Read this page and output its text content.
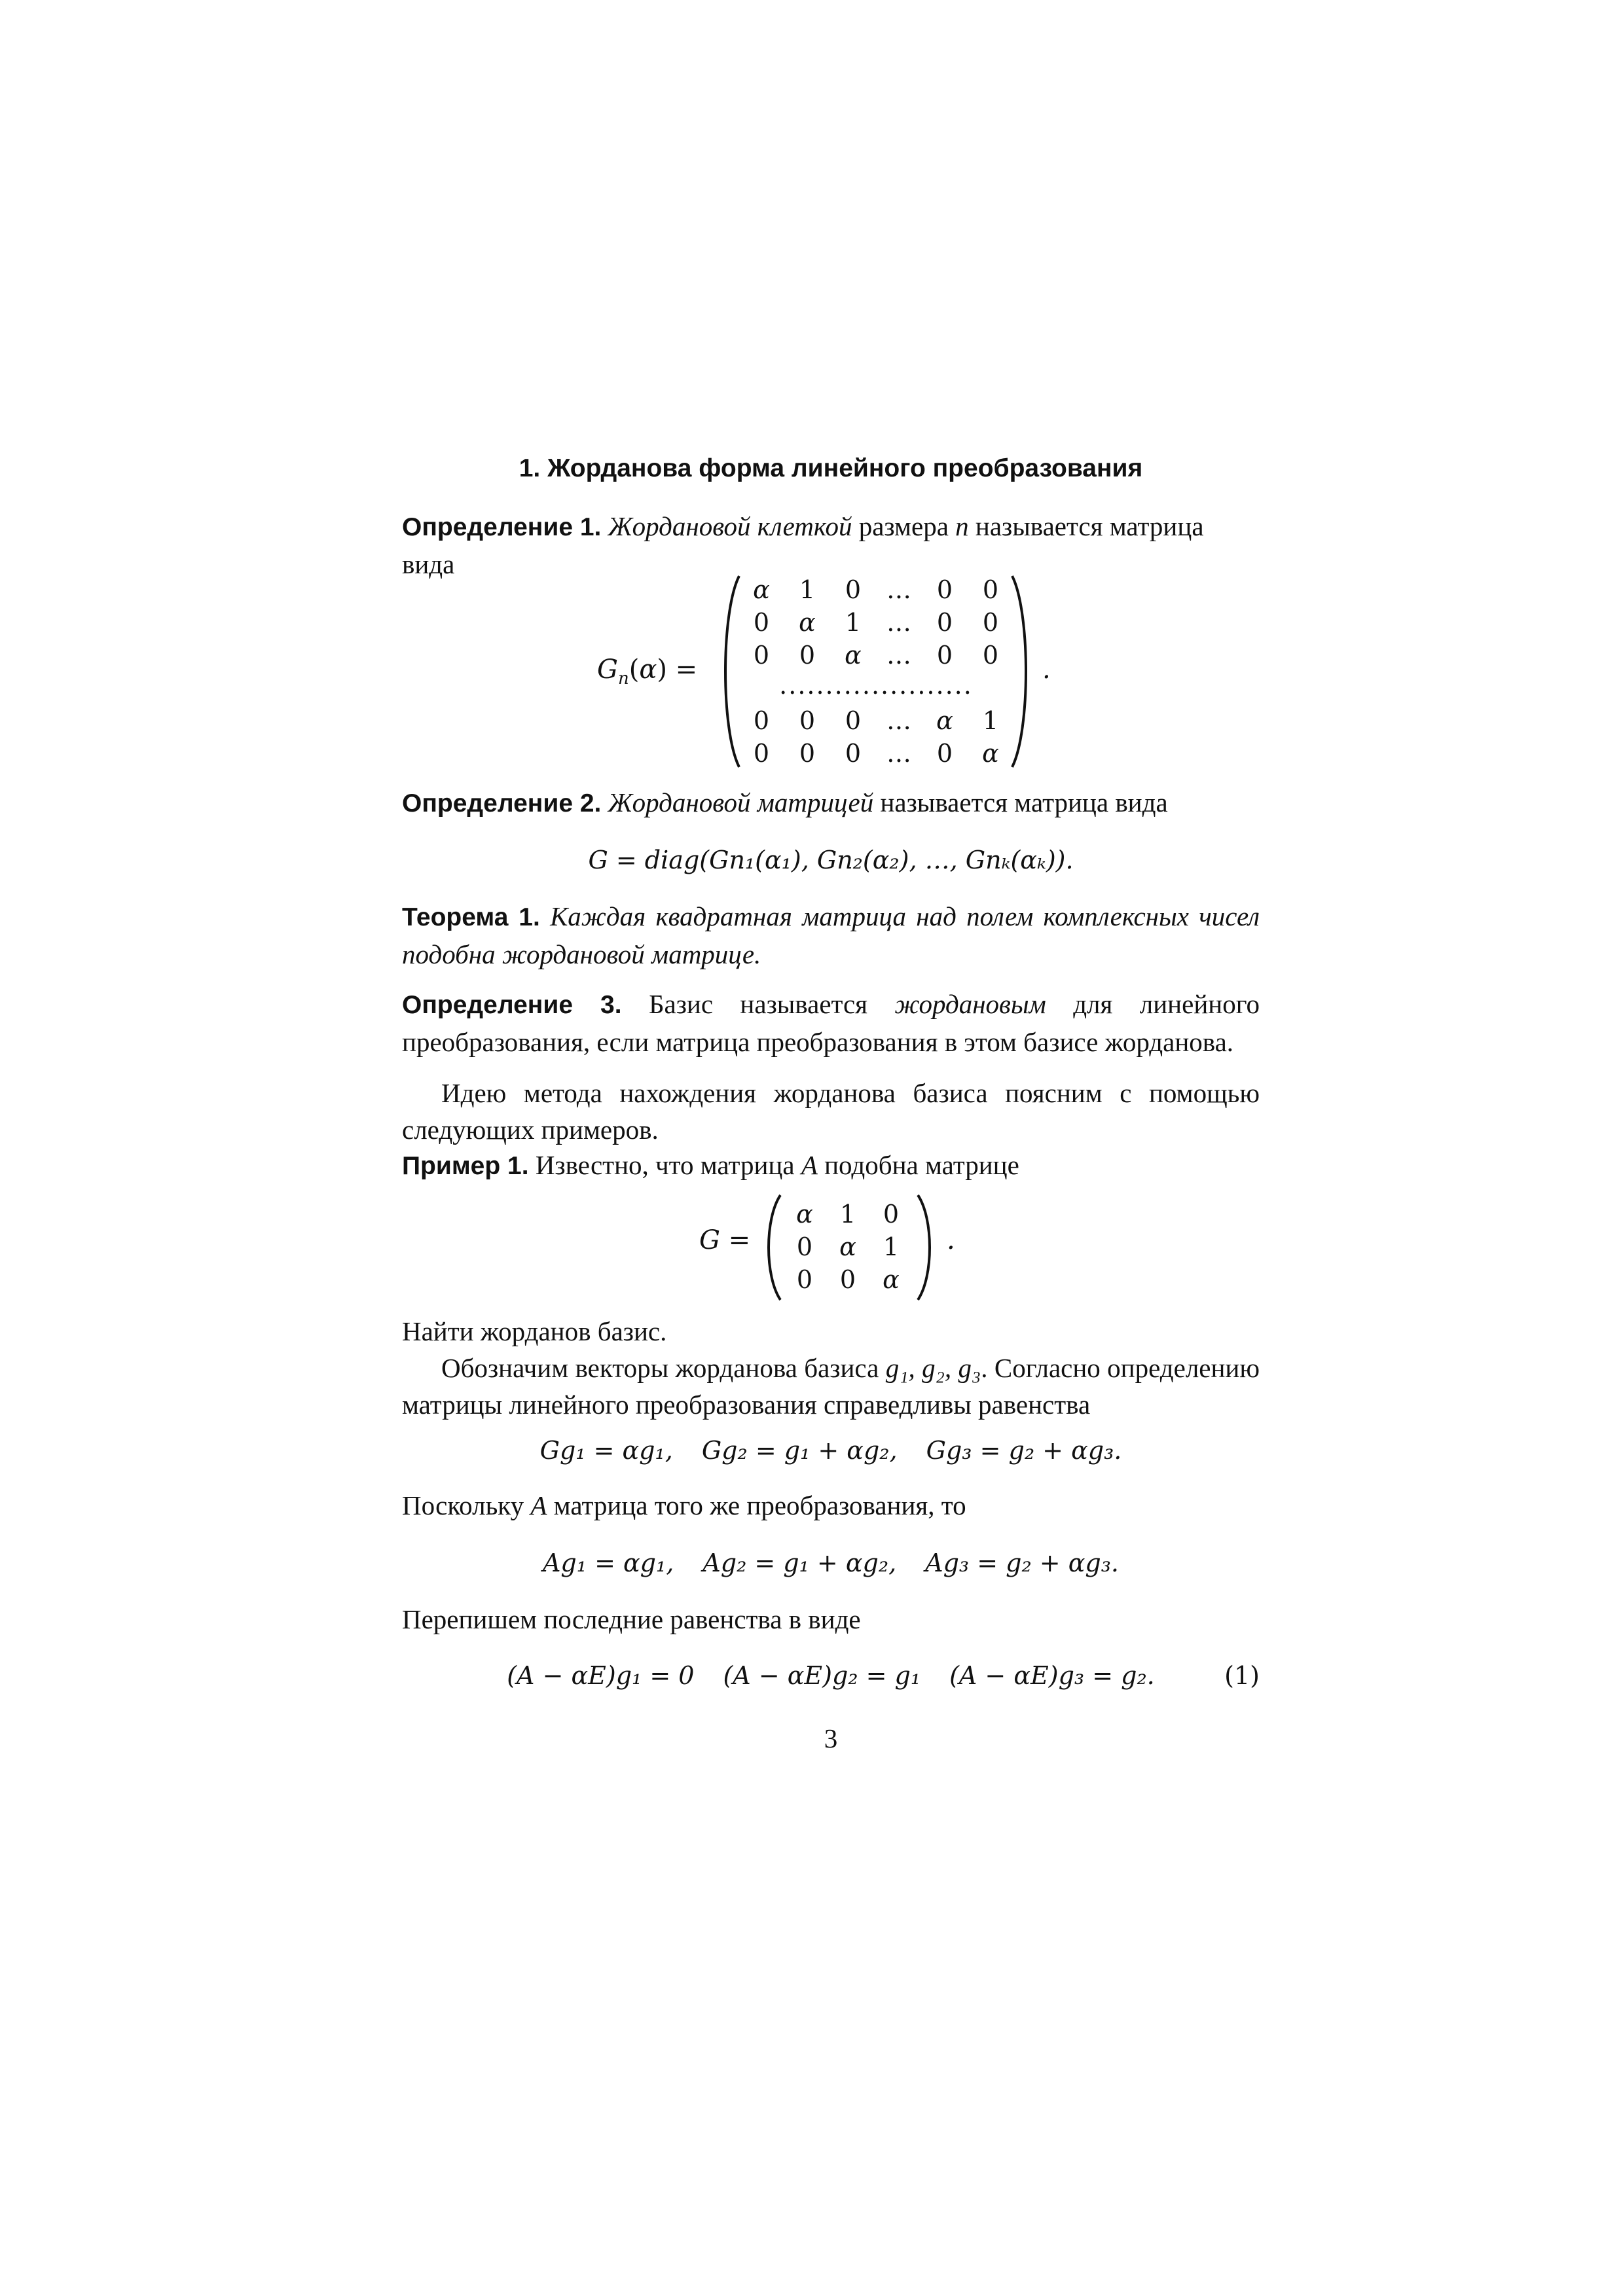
1. Жорданова форма линейного преобразования
Определение 1. Жордановой клеткой размера n называется матрица вида
$G_n(\alpha)$ =
α	1	0	…	0	0
0	α	1	…	0	0
0	0	α	…	0	0
0	0	0	…	α	1
0	0	0	…	0	α
.....................
.
Определение 2. Жордановой матрицей называется матрица вида
G = diag(Gn₁(α₁), Gn₂(α₂), …, Gnₖ(αₖ)).
Теорема 1. Каждая квадратная матрица над полем комплексных чисел подобна жордановой матрице.
Определение 3. Базис называется жордановым для линейного преобразования, если матрица преобразования в этом базисе жорданова.
Идею метода нахождения жорданова базиса поясним с помощью следующих примеров.
Пример 1. Известно, что матрица A подобна матрице
G =
α	1	0
0	α	1
0	0	α
.
Найти жорданов базис.
Обозначим векторы жорданова базиса g₁, g₂, g₃. Согласно определению матрицы линейного преобразования справедливы равенства
Gg₁ = αg₁, Gg₂ = g₁ + αg₂, Gg₃ = g₂ + αg₃.
Поскольку A матрица того же преобразования, то
Ag₁ = αg₁, Ag₂ = g₁ + αg₂, Ag₃ = g₂ + αg₃.
Перепишем последние равенства в виде
(A − αE)g₁ = 0 (A − αE)g₂ = g₁ (A − αE)g₃ = g₂.	(1)
3
